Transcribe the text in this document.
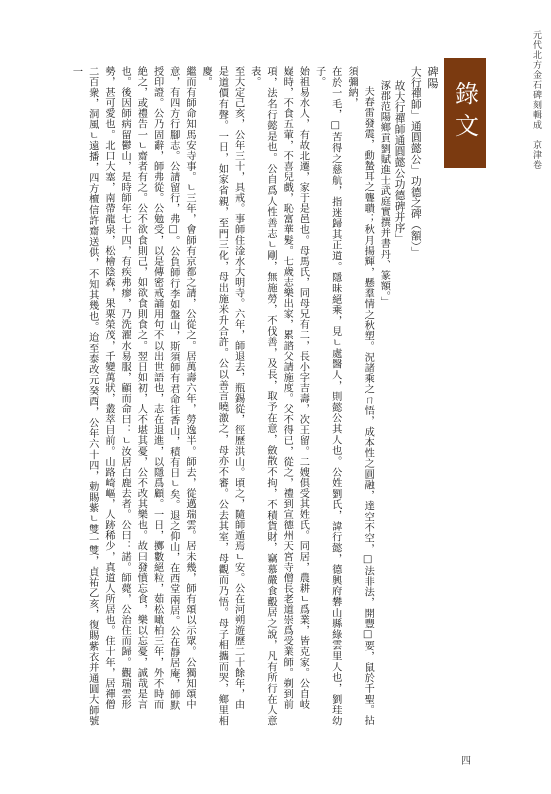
元代北方金石碑刻輯成　京津卷
錄文

碑陽

大行禪師」通圓懿公」功德之碑（額）」

故大行禪師通圓懿公功德碑并序」

涿郡范陽鄉貢劉賦進士武庭實撰并書丹、篆額。」

夫春雷發震，動蟄耳之聾聵；秋月揚輝，懸羣情之秋塑。況諸乘之ㄇ悟，成本性之圓融，達空不空，□法非法，開豐□要，鼠於千聖。拈須彌納，

在於一毛，□苦得之慈航，指迷歸其正道。隱昧絕乘，見ㄴ處醫人，則懿公其人也。公姓劉氏，諱行懿，德興府礬山縣綠雲里人也，劉珪幼子。

始祖易水人，有故北遷，家于是邑也。母馬氏，同母兄有二，長小字吉壽，次王留。二嫂俱受其姓氏。同居，農耕ㄴ爲業，皆克家。公自岐

嶷時，不食五葷，不喜兒戲，恥富華髮。七歲志樂出家，累諮父請施度。父不得已，從之，禮到宣德州天宮寺僧長老道崇爲受業師。剃到前

項，法名行懿是也。公自爲人性善志ㄴ剛，無施勞，不伐善，及長，取予在意，斂散不拘，不積貨財，竊慕嚴食鷇居之說，凡有所行在人意表。

至大定己亥，公年三十，具戒。事師住淦水大明寺。六年，師退去，瓶錫從，徑歷洪山。頃之，隨師遁焉ㄴ安。公在河朔遊歷二十餘年，由

是道價有聲。一日，如家省親，至門三化，母出施米升合許。公以善言曉激之，母亦不審。公去其室，母觀而乃悟。母子相攜而哭，鄉里相慶。

繼而有師命知馬安寺事。ㄴ三年，會師有京都之請，公從之。居萬壽六年，勞逸半。師去，從邁瑞雲。居未幾，師有頌以示眾。公獨知頌中

意，有四方行腳志。公請留行，弗□。公負師行李如盤山，斯須師有君命往香山，積有日ㄴ矣。退之仰山，在西堂兩居。公在靜居庵，師默

授印證。公乃固辭，師弗從。公勉受，以是傳密戒誦用句不以出世語也，志在退進，以隱爲顧。一日，擲數絕粒，茹松噉柏三年，外不時而

絶之，或禮告一ㄴ齋者有之。公不欲食則己，如欲食則食之。翌日如初，人不堪其憂，公不改其樂也。故曰發憤忘食，樂以忘憂，誠哉是言

也。後因師病留鬱山，是時師年七十四，有疾弗瘳，乃洗濯水易服，顧而命曰：ㄴ汝居白鹿去者。公曰：諾。師薨，公治住而歸。觀瑞雲形

勢，甚可愛也。北口大塞，南帶龍泉，松檜陰森，果栗榮茂，千變萬狀，叢萃目前。山路崎嶇，人跡稀少，真道人所居也。住十年，居禪僧

二百衆，洞風ㄴ遠播，四方檀信許齋送供，不知其幾也。迨至泰改元癸酉，公年六十四，勅賜紫ㄴ雙一雙，貞祐乙亥，復賜紫衣并通圓大師號一

四
